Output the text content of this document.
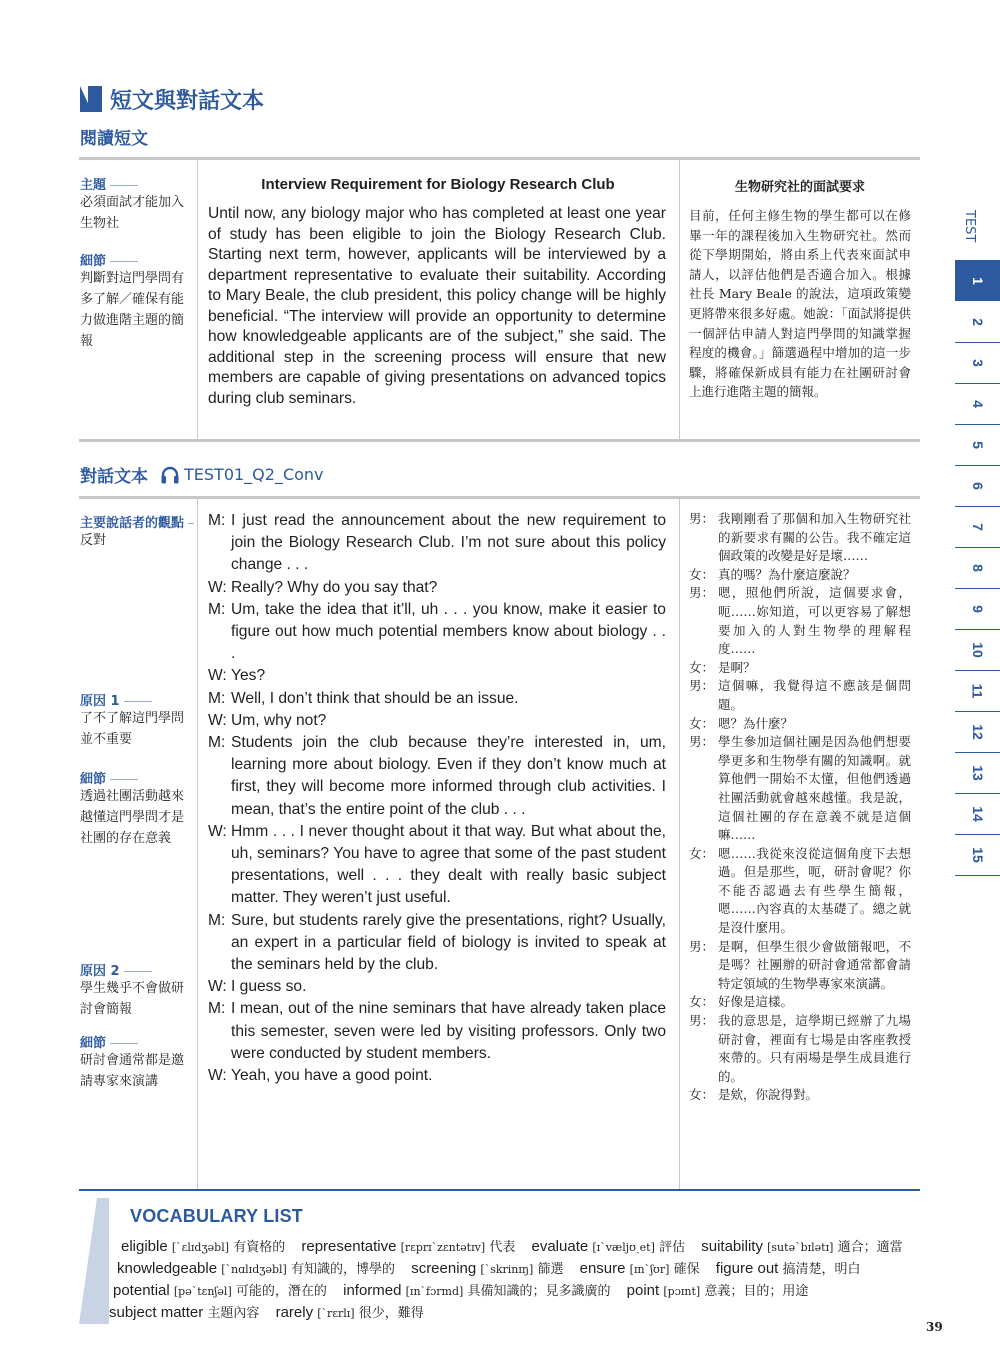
短文與對話文本
閱讀短文
主題
必須面試才能加入生物社
細節
判斷對這門學問有多了解／確保有能力做進階主題的簡報
Interview Requirement for Biology Research Club
Until now, any biology major who has completed at least one year of study has been eligible to join the Biology Research Club. Starting next term, however, applicants will be interviewed by a department representative to evaluate their suitability. According to Mary Beale, the club president, this policy change will be highly beneficial. “The interview will provide an opportunity to determine how knowledgeable applicants are of the subject,” she said. The additional step in the screening process will ensure that new members are capable of giving presentations on advanced topics during club seminars.
生物研究社的面試要求
目前，任何主修生物的學生都可以在修畢一年的課程後加入生物研究社。然而從下學期開始，將由系上代表來面試申請人，以評估他們是否適合加入。根據社長 Mary Beale 的說法，這項政策變更將帶來很多好處。她說：「面試將提供一個評估申請人對這門學問的知識掌握程度的機會。」篩選過程中增加的這一步驟，將確保新成員有能力在社團研討會上進行進階主題的簡報。
對話文本 TEST01_Q2_Conv
主要說話者的觀點
反對
原因 1
了不了解這門學問並不重要
細節
透過社團活動越來越懂這門學問才是社團的存在意義
原因 2
學生幾乎不會做研討會簡報
細節
研討會通常都是邀請專家來演講
M: I just read the announcement about the new requirement to join the Biology Research Club. I’m not sure about this policy change . . .
W: Really? Why do you say that?
M: Um, take the idea that it’ll, uh . . . you know, make it easier to figure out how much potential members know about biology . . .
W: Yes?
M: Well, I don’t think that should be an issue.
W: Um, why not?
M: Students join the club because they’re interested in, um, learning more about biology. Even if they don’t know much at first, they will become more informed through club activities. I mean, that’s the entire point of the club . . .
W: Hmm . . . I never thought about it that way. But what about the, uh, seminars? You have to agree that some of the past student presentations, well . . . they dealt with really basic subject matter. They weren’t just useful.
M: Sure, but students rarely give the presentations, right? Usually, an expert in a particular field of biology is invited to speak at the seminars held by the club.
W: I guess so.
M: I mean, out of the nine seminars that have already taken place this semester, seven were led by visiting professors. Only two were conducted by student members.
W: Yeah, you have a good point.
男： 我剛剛看了那個和加入生物研究社的新要求有關的公告。我不確定這個政策的改變是好是壞……
女： 真的嗎？為什麼這麼說？
男： 嗯，照他們所說，這個要求會，呃……妳知道，可以更容易了解想要加入的人對生物學的理解程度……
女： 是啊？
男： 這個嘛，我覺得這不應該是個問題。
女： 嗯？為什麼？
男： 學生參加這個社團是因為他們想要學更多和生物學有關的知識啊。就算他們一開始不太懂，但他們透過社團活動就會越來越懂。我是說，這個社團的存在意義不就是這個嘛……
女： 嗯……我從來沒從這個角度下去想過。但是那些，呃，研討會呢？你不能否認過去有些學生簡報，嗯……內容真的太基礎了。總之就是沒什麼用。
男： 是啊，但學生很少會做簡報吧，不是嗎？社團辦的研討會通常都會請特定領域的生物學專家來演講。
女： 好像是這樣。
男： 我的意思是，這學期已經辦了九場研討會，裡面有七場是由客座教授來帶的。只有兩場是學生成員進行的。
女： 是欸，你說得對。
VOCABULARY LIST
eligible [ˋɛlɪdʒəbl] 有資格的 representative [rɛprɪˋzɛntətɪv] 代表 evaluate [ɪˋvæljʊˏet] 評估 suitability [sutəˋbɪlətɪ] 適合；適當
knowledgeable [ˋnɑlɪdʒəbl] 有知識的，博學的 screening [ˋskrinɪŋ] 篩選 ensure [ɪnˋʃʊr] 確保 figure out 搞清楚，明白
potential [pəˋtɛnʃəl] 可能的，潛在的 informed [ɪnˋfɔrmd] 具備知識的；見多識廣的 point [pɔɪnt] 意義；目的；用途
subject matter 主題內容 rarely [ˋrɛrlɪ] 很少，難得
TEST
1
2
3
4
5
6
7
8
9
10
11
12
13
14
15
39
